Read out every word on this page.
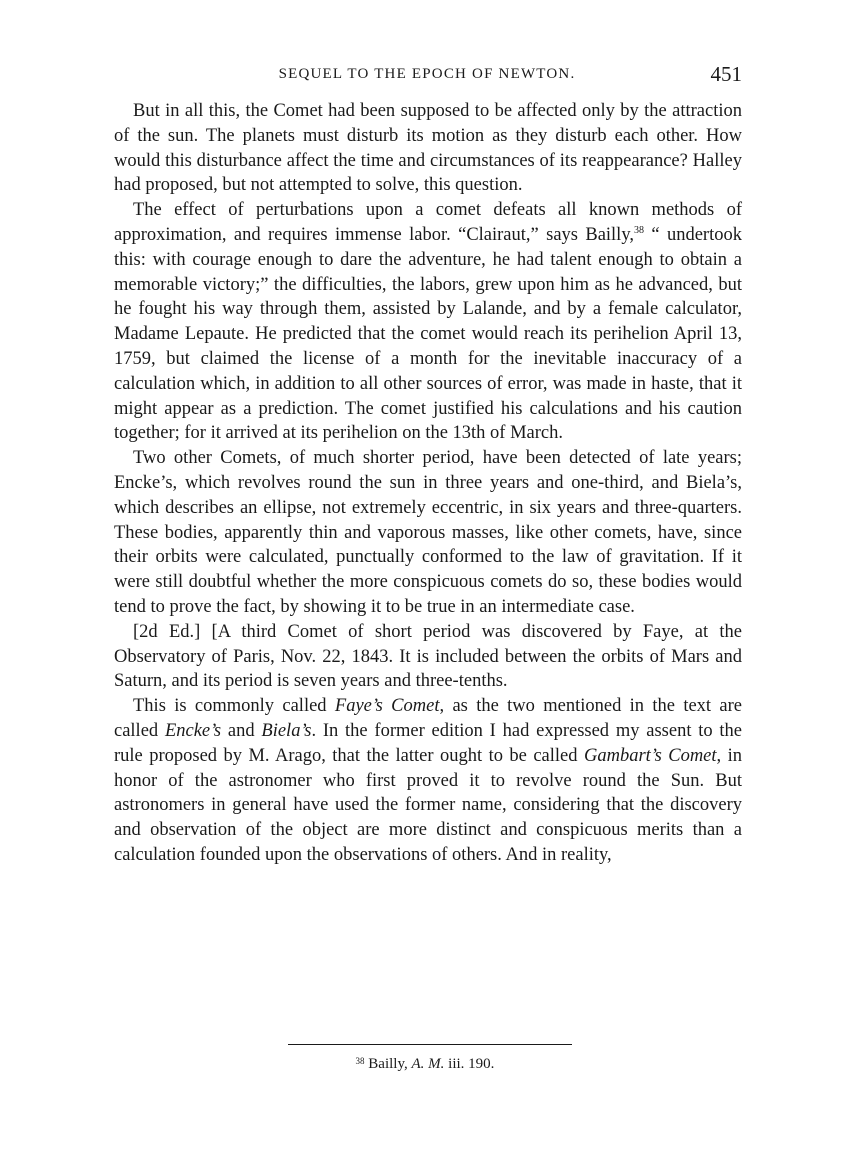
SEQUEL TO THE EPOCH OF NEWTON.	451

But in all this, the Comet had been supposed to be affected only by the attraction of the sun. The planets must disturb its motion as they disturb each other. How would this disturbance affect the time and circumstances of its reappearance? Halley had proposed, but not attempted to solve, this question.

The effect of perturbations upon a comet defeats all known methods of approximation, and requires immense labor. “Clairaut,” says Bailly,$^{38}$ “ undertook this: with courage enough to dare the adventure, he had talent enough to obtain a memorable victory;” the difficulties, the labors, grew upon him as he advanced, but he fought his way through them, assisted by Lalande, and by a female calculator, Madame Lepaute. He predicted that the comet would reach its perihelion April 13, 1759, but claimed the license of a month for the inevitable inaccuracy of a calculation which, in addition to all other sources of error, was made in haste, that it might appear as a prediction. The comet justified his calculations and his caution together; for it arrived at its perihelion on the 13th of March.

Two other Comets, of much shorter period, have been detected of late years; Encke’s, which revolves round the sun in three years and one-third, and Biela’s, which describes an ellipse, not extremely eccentric, in six years and three-quarters. These bodies, apparently thin and vaporous masses, like other comets, have, since their orbits were calculated, punctually conformed to the law of gravitation. If it were still doubtful whether the more conspicuous comets do so, these bodies would tend to prove the fact, by showing it to be true in an intermediate case.

[2d Ed.] [A third Comet of short period was discovered by Faye, at the Observatory of Paris, Nov. 22, 1843. It is included between the orbits of Mars and Saturn, and its period is seven years and three-tenths.

This is commonly called Faye’s Comet, as the two mentioned in the text are called Encke’s and Biela’s. In the former edition I had expressed my assent to the rule proposed by M. Arago, that the latter ought to be called Gambart’s Comet, in honor of the astronomer who first proved it to revolve round the Sun. But astronomers in general have used the former name, considering that the discovery and observation of the object are more distinct and conspicuous merits than a calculation founded upon the observations of others. And in reality,

$^{38}$ Bailly, A. M. iii. 190.
